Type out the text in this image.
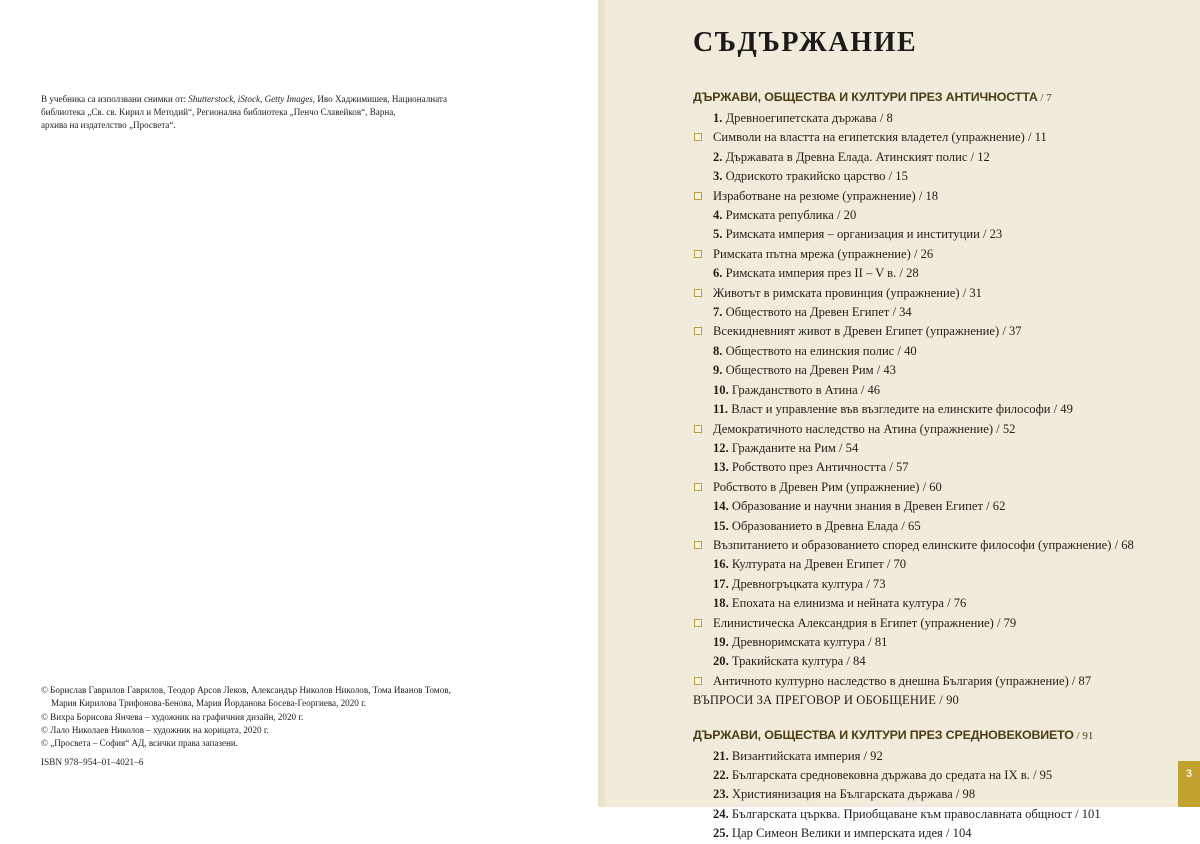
В учебника са използвани снимки от: Shutterstock, iStock, Getty Images, Иво Хаджимишев, Националната
библиотека „Св. св. Кирил и Методий“, Регионална библиотека „Пенчо Славейков“, Варна,
архива на издателство „Просвета“.
© Борислав Гаврилов Гаврилов, Теодор Арсов Леков, Александър Николов Николов, Тома Иванов Томов,
Мария Кирилова Трифонова-Бенова, Мария Йорданова Босева-Георгиева, 2020 г.
© Вихра Борисова Янчева – художник на графичния дизайн, 2020 г.
© Лало Николаев Николов – художник на корицата, 2020 г.
© „Просвета – София“ АД, всички права запазени.
ISBN 978–954–01–4021–6
СЪДЪРЖАНИЕ
ДЪРЖАВИ, ОБЩЕСТВА И КУЛТУРИ ПРЕЗ АНТИЧНОСТТА / 7
1. Древноегипетската държава / 8
Символи на властта на египетския владетел (упражнение) / 11
2. Държавата в Древна Елада. Атинският полис / 12
3. Одриското тракийско царство / 15
Изработване на резюме (упражнение) / 18
4. Римската република / 20
5. Римската империя – организация и институции / 23
Римската пътна мрежа (упражнение) / 26
6. Римската империя през II – V в. / 28
Животът в римската провинция (упражнение) / 31
7. Обществото на Древен Египет / 34
Всекидневният живот в Древен Египет (упражнение) / 37
8. Обществото на елинския полис / 40
9. Обществото на Древен Рим / 43
10. Гражданството в Атина / 46
11. Власт и управление във възгледите на елинските философи / 49
Демократичното наследство на Атина (упражнение) / 52
12. Гражданите на Рим / 54
13. Робството през Античността / 57
Робството в Древен Рим (упражнение) / 60
14. Образование и научни знания в Древен Египет / 62
15. Образованието в Древна Елада / 65
Възпитанието и образованието според елинските философи (упражнение) / 68
16. Културата на Древен Египет / 70
17. Древногръцката култура / 73
18. Епохата на елинизма и нейната култура / 76
Елинистическа Александрия в Египет (упражнение) / 79
19. Древноримската култура / 81
20. Тракийската култура / 84
Античното културно наследство в днешна България (упражнение) / 87
ВЪПРОСИ ЗА ПРЕГОВОР И ОБОБЩЕНИЕ / 90
ДЪРЖАВИ, ОБЩЕСТВА И КУЛТУРИ ПРЕЗ СРЕДНОВЕКОВИЕТО / 91
21. Византийската империя / 92
22. Българската средновековна държава до средата на IX в. / 95
23. Християнизация на Българската държава / 98
24. Българската църква. Приобщаване към православната общност / 101
25. Цар Симеон Велики и имперската идея / 104
3
